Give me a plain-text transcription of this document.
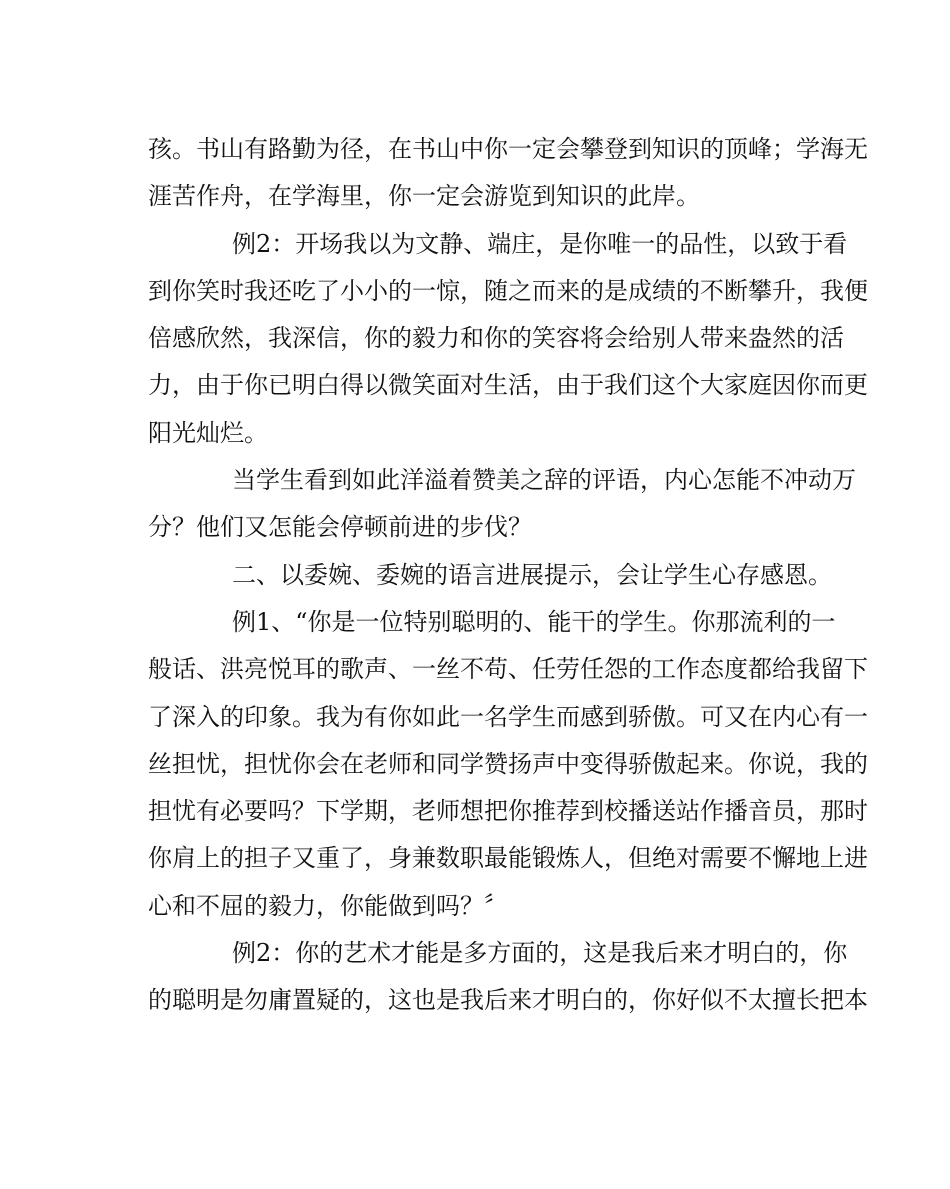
孩。书山有路勤为径，在书山中你一定会攀登到知识的顶峰；学海无

涯苦作舟，在学海里，你一定会游览到知识的此岸。

例2：开场我以为文静、端庄，是你唯一的品性，以致于看

到你笑时我还吃了小小的一惊，随之而来的是成绩的不断攀升，我便

倍感欣然，我深信，你的毅力和你的笑容将会给别人带来盎然的活

力，由于你已明白得以微笑面对生活，由于我们这个大家庭因你而更

阳光灿烂。

当学生看到如此洋溢着赞美之辞的评语，内心怎能不冲动万

分？他们又怎能会停顿前进的步伐？

二、以委婉、委婉的语言进展提示，会让学生心存感恩。

例1、“你是一位特别聪明的、能干的学生。你那流利的一

般话、洪亮悦耳的歌声、一丝不苟、任劳任怨的工作态度都给我留下

了深入的印象。我为有你如此一名学生而感到骄傲。可又在内心有一

丝担忧，担忧你会在老师和同学赞扬声中变得骄傲起来。你说，我的

担忧有必要吗？下学期，老师想把你推荐到校播送站作播音员，那时

你肩上的担子又重了，身兼数职最能锻炼人，但绝对需要不懈地上进

心和不屈的毅力，你能做到吗？〞

例2：你的艺术才能是多方面的，这是我后来才明白的，你

的聪明是勿庸置疑的，这也是我后来才明白的，你好似不太擅长把本
